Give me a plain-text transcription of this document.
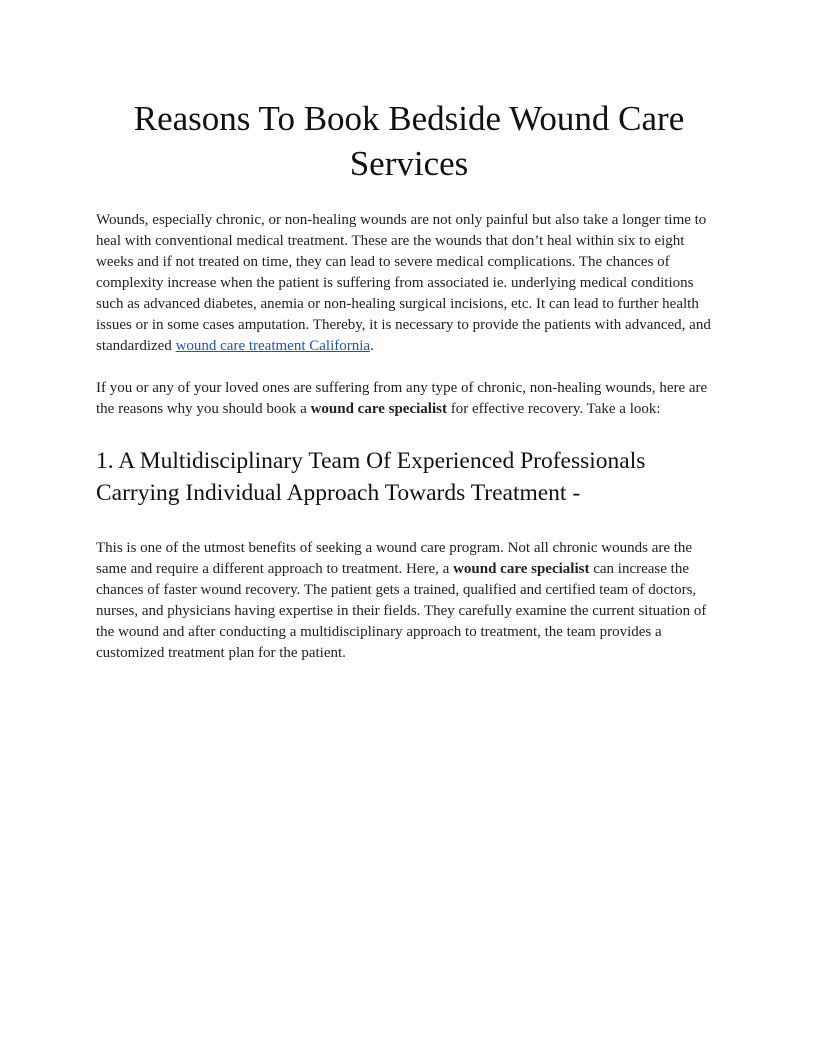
Reasons To Book Bedside Wound Care Services

Wounds, especially chronic, or non-healing wounds are not only painful but also take a longer time to heal with conventional medical treatment. These are the wounds that don’t heal within six to eight weeks and if not treated on time, they can lead to severe medical complications. The chances of complexity increase when the patient is suffering from associated ie. underlying medical conditions such as advanced diabetes, anemia or non-healing surgical incisions, etc. It can lead to further health issues or in some cases amputation. Thereby, it is necessary to provide the patients with advanced, and standardized wound care treatment California.

If you or any of your loved ones are suffering from any type of chronic, non-healing wounds, here are the reasons why you should book a wound care specialist for effective recovery. Take a look:

1. A Multidisciplinary Team Of Experienced Professionals Carrying Individual Approach Towards Treatment -

This is one of the utmost benefits of seeking a wound care program. Not all chronic wounds are the same and require a different approach to treatment. Here, a wound care specialist can increase the chances of faster wound recovery. The patient gets a trained, qualified and certified team of doctors, nurses, and physicians having expertise in their fields. They carefully examine the current situation of the wound and after conducting a multidisciplinary approach to treatment, the team provides a customized treatment plan for the patient.
